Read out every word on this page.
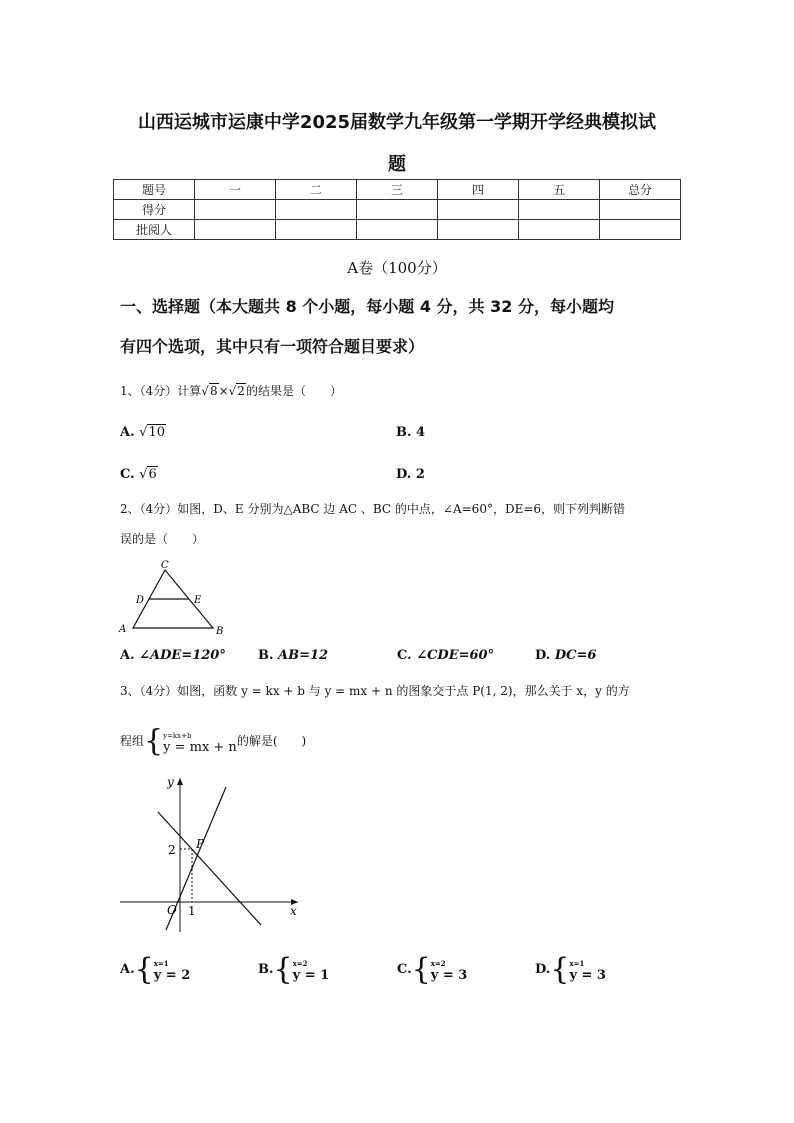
山西运城市运康中学2025届数学九年级第一学期开学经典模拟试
题
题号	一	二	三	四	五	总分
得分						
批阅人						
A卷（100分）
一、选择题（本大题共 8 个小题，每小题 4 分，共 32 分，每小题均
有四个选项，其中只有一项符合题目要求）
1、（4分）计算√8×√2的结果是（　　）
A. √10	B. 4
C. √6	D. 2
2、（4分）如图，D、E 分别为△ABC 边 AC 、BC 的中点，∠A=60°，DE=6，则下列判断错
误的是（　　）
C
D	E
A	B
A. ∠ADE=120° B. AB=12	C. ∠CDE=60°	D. DC=6
3、（4分）如图，函数 y = kx + b 与 y = mx + n 的图象交于点 P(1, 2)，那么关于 x，y 的方
程组{ y=kx+b
y = mx + n 的解是(　　)
y
x
O
P
2
1
A.{ x=1
y = 2	B.{ x=2
y = 1	C.{ x=2
y = 3	D.{ x=1
y = 3
